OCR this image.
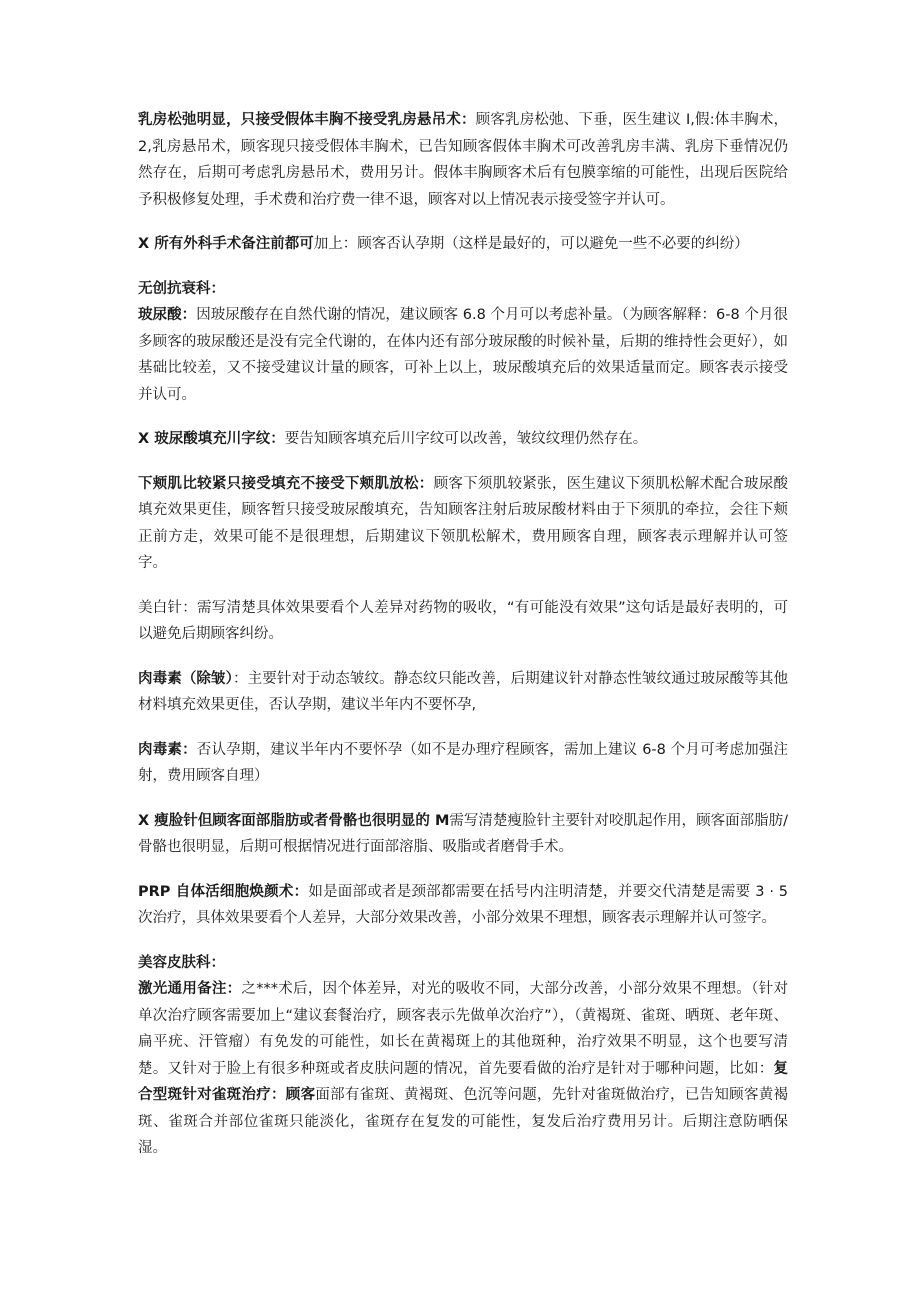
乳房松弛明显，只接受假体丰胸不接受乳房悬吊术：顾客乳房松弛、下垂，医生建议 I,假:体丰胸术，2,乳房悬吊术，顾客现只接受假体丰胸术，已告知顾客假体丰胸术可改善乳房丰满、乳房下垂情况仍然存在，后期可考虑乳房悬吊术，费用另计。假体丰胸顾客术后有包膜挛缩的可能性，出现后医院给予积极修复处理，手术费和治疗费一律不退，顾客对以上情况表示接受签字并认可。

X 所有外科手术备注前都可加上：顾客否认孕期（这样是最好的，可以避免一些不必要的纠纷）

无创抗衰科：

玻尿酸：因玻尿酸存在自然代谢的情况，建议顾客 6.8 个月可以考虑补量。（为顾客解释：6-8 个月很多顾客的玻尿酸还是没有完全代谢的，在体内还有部分玻尿酸的时候补量，后期的维持性会更好），如基础比较差，又不接受建议计量的顾客，可补上以上，玻尿酸填充后的效果适量而定。顾客表示接受并认可。

X 玻尿酸填充川字纹：要告知顾客填充后川字纹可以改善，皱纹纹理仍然存在。

下颊肌比较紧只接受填充不接受下颊肌放松：顾客下须肌较紧张，医生建议下须肌松解术配合玻尿酸填充效果更佳，顾客暂只接受玻尿酸填充，告知顾客注射后玻尿酸材料由于下须肌的牵拉，会往下颊正前方走，效果可能不是很理想，后期建议下领肌松解术，费用顾客自理，顾客表示理解并认可签字。

美白针：需写清楚具体效果要看个人差异对药物的吸收，“有可能没有效果”这句话是最好表明的，可以避免后期顾客纠纷。

肉毒素（除皱）：主要针对于动态皱纹。静态纹只能改善，后期建议针对静态性皱纹通过玻尿酸等其他材料填充效果更佳，否认孕期，建议半年内不要怀孕,

肉毒素：否认孕期，建议半年内不要怀孕（如不是办理疗程顾客，需加上建议 6-8 个月可考虑加强注射，费用顾客自理）

X 瘦脸针但顾客面部脂肪或者骨骼也很明显的 M需写清楚瘦脸针主要针对咬肌起作用，顾客面部脂肪/骨骼也很明显，后期可根据情况进行面部溶脂、吸脂或者磨骨手术。

PRP 自体活细胞焕颜术：如是面部或者是颈部都需要在括号内注明清楚，并要交代清楚是需要 3 · 5 次治疗，具体效果要看个人差异，大部分效果改善，小部分效果不理想，顾客表示理解并认可签字。

美容皮肤科：

激光通用备注：之***术后，因个体差异，对光的吸收不同，大部分改善，小部分效果不理想。（针对单次治疗顾客需要加上“建议套餐治疗，顾客表示先做单次治疗”），（黄褐斑、雀斑、晒斑、老年斑、扁平疣、汗管瘤）有免发的可能性，如长在黄褐斑上的其他斑种，治疗效果不明显，这个也要写清楚。又针对于脸上有很多种斑或者皮肤问题的情况，首先要看做的治疗是针对于哪种问题，比如：复合型斑针对雀斑治疗：顾客面部有雀斑、黄褐斑、色沉等问题，先针对雀斑做治疗，已告知顾客黄褐斑、雀斑合并部位雀斑只能淡化，雀斑存在复发的可能性，复发后治疗费用另计。后期注意防晒保湿。
